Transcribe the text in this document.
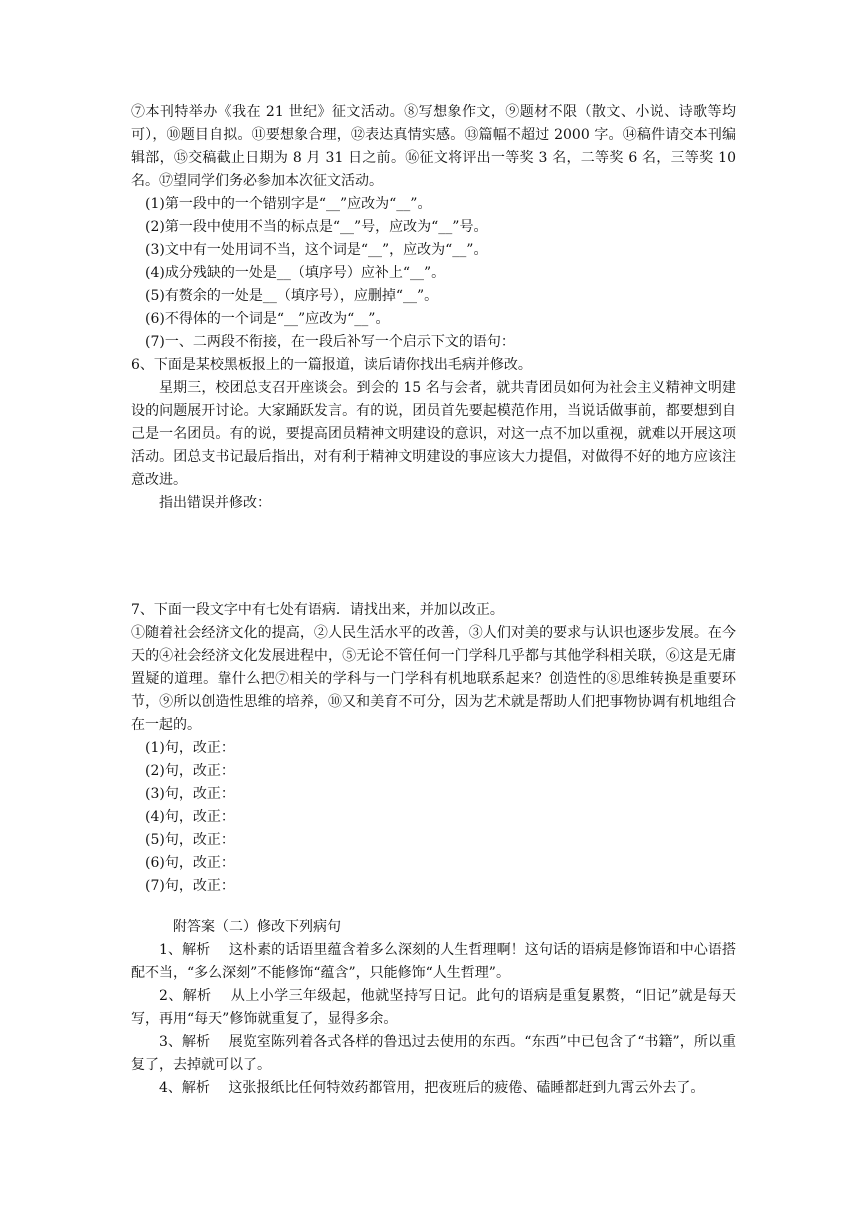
⑦本刊特举办《我在 21 世纪》征文活动。⑧写想象作文，⑨题材不限（散文、小说、诗歌等均可），⑩题目自拟。⑪要想象合理，⑫表达真情实感。⑬篇幅不超过 2000 字。⑭稿件请交本刊编辑部，⑮交稿截止日期为 8 月 31 日之前。⑯征文将评出一等奖 3 名，二等奖 6 名，三等奖 10 名。⑰望同学们务必参加本次征文活动。

(1)第一段中的一个错别字是“__”应改为“__”。

(2)第一段中使用不当的标点是“__”号，应改为“__”号。

(3)文中有一处用词不当，这个词是“__”，应改为“__”。

(4)成分残缺的一处是__（填序号）应补上“__”。

(5)有赘余的一处是__（填序号），应删掉“__”。

(6)不得体的一个词是“__”应改为“__”。

(7)一、二两段不衔接，在一段后补写一个启示下文的语句：

6、下面是某校黑板报上的一篇报道，读后请你找出毛病并修改。

星期三，校团总支召开座谈会。到会的 15 名与会者，就共青团员如何为社会主义精神文明建设的问题展开讨论。大家踊跃发言。有的说，团员首先要起模范作用，当说话做事前，都要想到自己是一名团员。有的说，要提高团员精神文明建设的意识，对这一点不加以重视，就难以开展这项活动。团总支书记最后指出，对有利于精神文明建设的事应该大力提倡，对做得不好的地方应该注意改进。

指出错误并修改：

7、下面一段文字中有七处有语病．请找出来，并加以改正。

①随着社会经济文化的提高，②人民生活水平的改善，③人们对美的要求与认识也逐步发展。在今天的④社会经济文化发展进程中，⑤无论不管任何一门学科几乎都与其他学科相关联，⑥这是无庸置疑的道理。靠什么把⑦相关的学科与一门学科有机地联系起来？创造性的⑧思维转换是重要环节，⑨所以创造性思维的培养，⑩又和美育不可分，因为艺术就是帮助人们把事物协调有机地组合在一起的。

(1)句，改正：

(2)句，改正：

(3)句，改正：

(4)句，改正：

(5)句，改正：

(6)句，改正：

(7)句，改正：

附答案（二）修改下列病句

1、解析　 这朴素的话语里蕴含着多么深刻的人生哲理啊！这句话的语病是修饰语和中心语搭配不当，“多么深刻”不能修饰“蕴含”，只能修饰“人生哲理”。

2、解析　 从上小学三年级起，他就坚持写日记。此句的语病是重复累赘，“旧记”就是每天写，再用“每天”修饰就重复了，显得多余。

3、解析　 展览室陈列着各式各样的鲁迅过去使用的东西。“东西”中已包含了“书籍”，所以重复了，去掉就可以了。

4、解析　 这张报纸比任何特效药都管用，把夜班后的疲倦、磕睡都赶到九霄云外去了。
